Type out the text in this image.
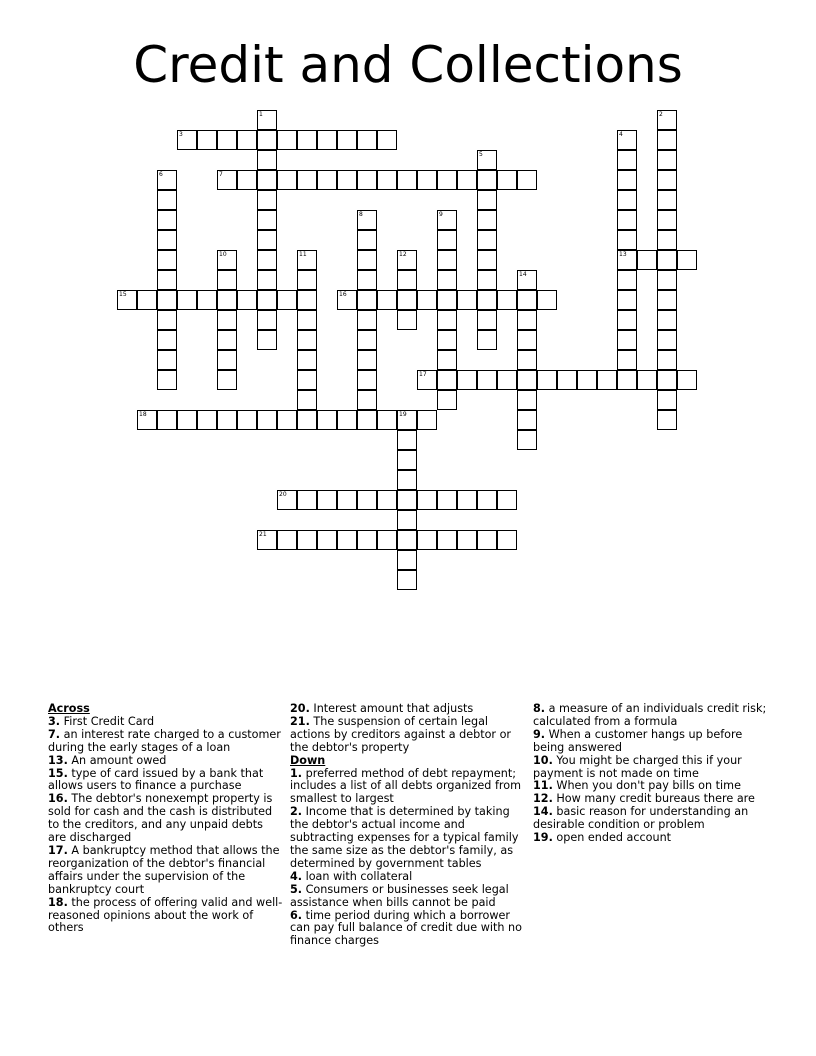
Credit and Collections
1	2
3	4
13
5
6	7
8	9
10	11	12
14
15	16
17
18	19
20
21

Across

3. First Credit Card

7. an interest rate charged to a customer during the early stages of a loan

13. An amount owed

15. type of card issued by a bank that allows users to finance a purchase

16. The debtor's nonexempt property is sold for cash and the cash is distributed to the creditors, and any unpaid debts are discharged

17. A bankruptcy method that allows the reorganization of the debtor's financial affairs under the supervision of the bankruptcy court

18. the process of offering valid and well-reasoned opinions about the work of others

20. Interest amount that adjusts

21. The suspension of certain legal actions by creditors against a debtor or the debtor's property

Down

1. preferred method of debt repayment; includes a list of all debts organized from smallest to largest

2. Income that is determined by taking the debtor's actual income and subtracting expenses for a typical family the same size as the debtor's family, as determined by government tables

4. loan with collateral

5. Consumers or businesses seek legal assistance when bills cannot be paid

6. time period during which a borrower can pay full balance of credit due with no finance charges

8. a measure of an individuals credit risk; calculated from a formula

9. When a customer hangs up before being answered

10. You might be charged this if your payment is not made on time

11. When you don't pay bills on time

12. How many credit bureaus there are

14. basic reason for understanding an desirable condition or problem

19. open ended account
